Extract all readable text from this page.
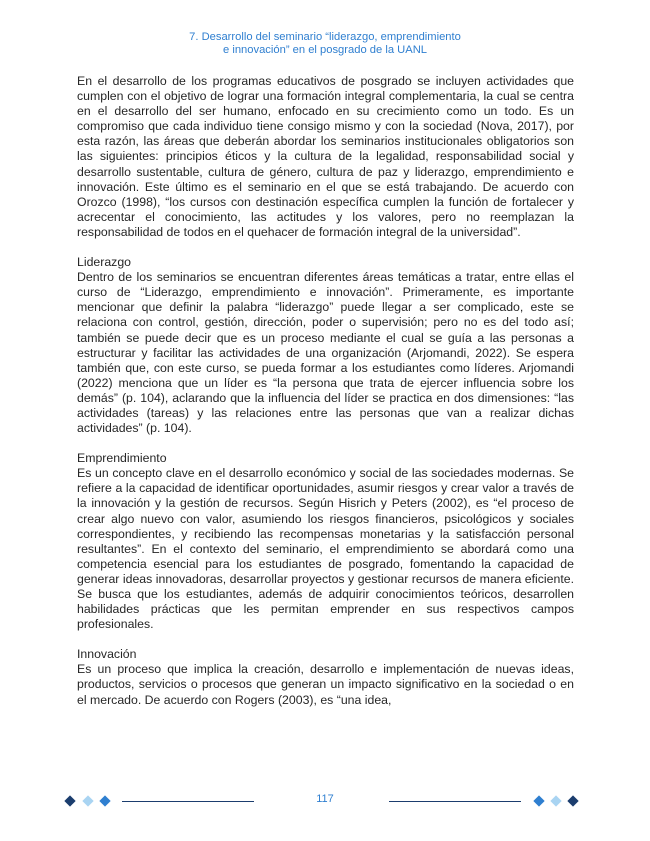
7. Desarrollo del seminario “liderazgo, emprendimiento
e innovación” en el posgrado de la UANL

En el desarrollo de los programas educativos de posgrado se incluyen actividades que cumplen con el objetivo de lograr una formación integral complementaria, la cual se centra en el desarrollo del ser humano, enfocado en su crecimiento como un todo. Es un compromiso que cada individuo tiene consigo mismo y con la sociedad (Nova, 2017), por esta razón, las áreas que deberán abordar los seminarios institucionales obligatorios son las siguientes: principios éticos y la cultura de la legalidad, responsabilidad social y desarrollo sustentable, cultura de género, cultura de paz y liderazgo, emprendimiento e innovación. Este último es el seminario en el que se está trabajando. De acuerdo con Orozco (1998), “los cursos con destinación específica cumplen la función de fortalecer y acrecentar el conocimiento, las actitudes y los valores, pero no reemplazan la responsabilidad de todos en el quehacer de formación integral de la universidad”.

Liderazgo

Dentro de los seminarios se encuentran diferentes áreas temáticas a tratar, entre ellas el curso de “Liderazgo, emprendimiento e innovación”. Primeramente, es importante mencionar que definir la palabra “liderazgo” puede llegar a ser complicado, este se relaciona con control, gestión, dirección, poder o supervisión; pero no es del todo así; también se puede decir que es un proceso mediante el cual se guía a las personas a estructurar y facilitar las actividades de una organización (Arjomandi, 2022). Se espera también que, con este curso, se pueda formar a los estudiantes como líderes. Arjomandi (2022) menciona que un líder es “la persona que trata de ejercer influencia sobre los demás” (p. 104), aclarando que la influencia del líder se practica en dos dimensiones: “las actividades (tareas) y las relaciones entre las personas que van a realizar dichas actividades” (p. 104).

Emprendimiento

Es un concepto clave en el desarrollo económico y social de las sociedades modernas. Se refiere a la capacidad de identificar oportunidades, asumir riesgos y crear valor a través de la innovación y la gestión de recursos. Según Hisrich y Peters (2002), es “el proceso de crear algo nuevo con valor, asumiendo los riesgos financieros, psicológicos y sociales correspondientes, y recibiendo las recompensas monetarias y la satisfacción personal resultantes”. En el contexto del seminario, el emprendimiento se abordará como una competencia esencial para los estudiantes de posgrado, fomentando la capacidad de generar ideas innovadoras, desarrollar proyectos y gestionar recursos de manera eficiente. Se busca que los estudiantes, además de adquirir conocimientos teóricos, desarrollen habilidades prácticas que les permitan emprender en sus respectivos campos profesionales.

Innovación

Es un proceso que implica la creación, desarrollo e implementación de nuevas ideas, productos, servicios o procesos que generan un impacto significativo en la sociedad o en el mercado. De acuerdo con Rogers (2003), es “una idea,

117
